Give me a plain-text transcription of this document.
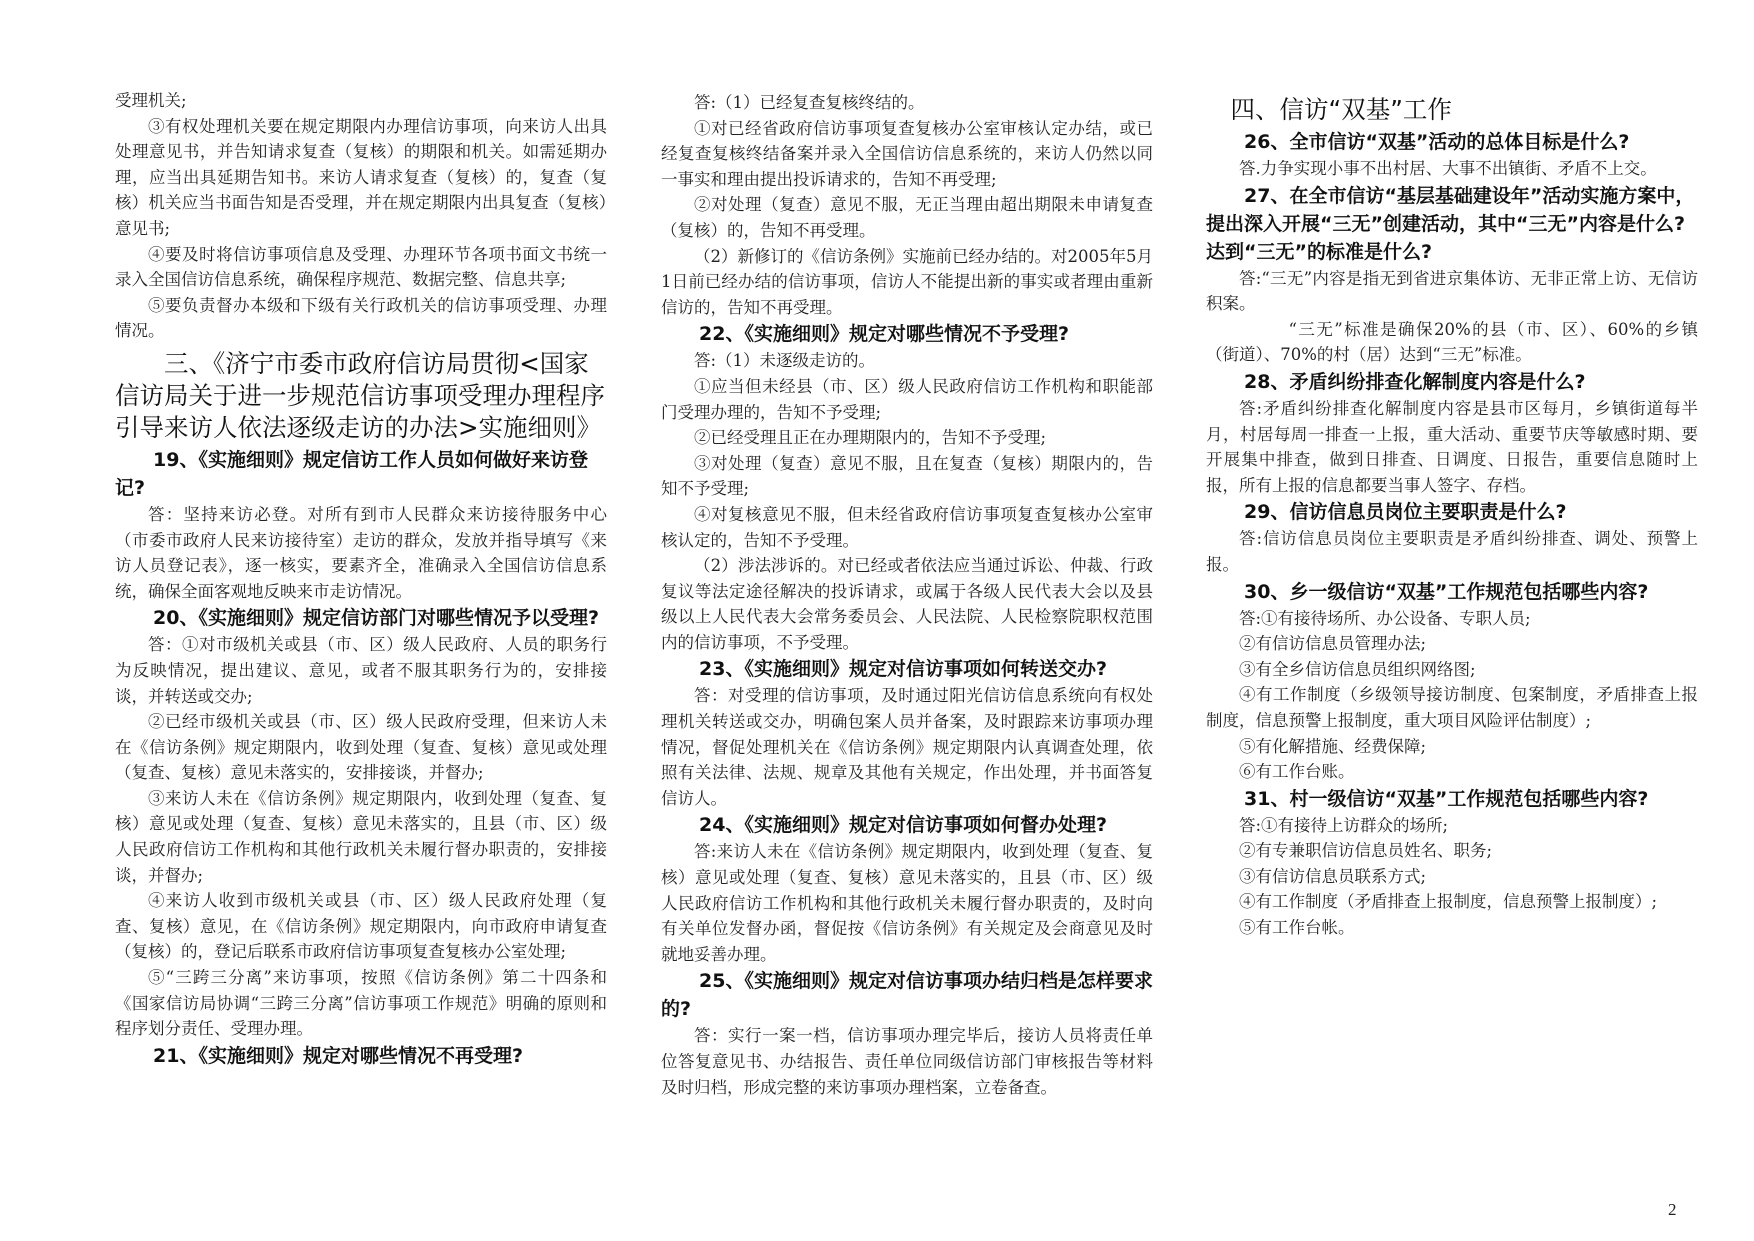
受理机关;

③有权处理机关要在规定期限内办理信访事项，向来访人出具处理意见书，并告知请求复查（复核）的期限和机关。如需延期办理，应当出具延期告知书。来访人请求复查（复核）的，复查（复核）机关应当书面告知是否受理，并在规定期限内出具复查（复核）意见书;

④要及时将信访事项信息及受理、办理环节各项书面文书统一录入全国信访信息系统，确保程序规范、数据完整、信息共享;

⑤要负责督办本级和下级有关行政机关的信访事项受理、办理情况。

三、《济宁市委市政府信访局贯彻<国家信访局关于进一步规范信访事项受理办理程序引导来访人依法逐级走访的办法>实施细则》

19、《实施细则》规定信访工作人员如何做好来访登记?

答：坚持来访必登。对所有到市人民群众来访接待服务中心（市委市政府人民来访接待室）走访的群众，发放并指导填写《来访人员登记表》，逐一核实，要素齐全，准确录入全国信访信息系统，确保全面客观地反映来市走访情况。

20、《实施细则》规定信访部门对哪些情况予以受理?

答：①对市级机关或县（市、区）级人民政府、人员的职务行为反映情况，提出建议、意见，或者不服其职务行为的，安排接谈，并转送或交办;

②已经市级机关或县（市、区）级人民政府受理，但来访人未在《信访条例》规定期限内，收到处理（复查、复核）意见或处理（复查、复核）意见未落实的，安排接谈，并督办;

③来访人未在《信访条例》规定期限内，收到处理（复查、复核）意见或处理（复查、复核）意见未落实的，且县（市、区）级人民政府信访工作机构和其他行政机关未履行督办职责的，安排接谈，并督办;

④来访人收到市级机关或县（市、区）级人民政府处理（复查、复核）意见，在《信访条例》规定期限内，向市政府申请复查（复核）的，登记后联系市政府信访事项复查复核办公室处理;

⑤“三跨三分离”来访事项，按照《信访条例》第二十四条和《国家信访局协调“三跨三分离”信访事项工作规范》明确的原则和程序划分责任、受理办理。

21、《实施细则》规定对哪些情况不再受理?

答:（1）已经复查复核终结的。

①对已经省政府信访事项复查复核办公室审核认定办结，或已经复查复核终结备案并录入全国信访信息系统的，来访人仍然以同一事实和理由提出投诉请求的，告知不再受理;

②对处理（复查）意见不服，无正当理由超出期限未申请复查（复核）的，告知不再受理。

（2）新修订的《信访条例》实施前已经办结的。对2005年5月1日前已经办结的信访事项，信访人不能提出新的事实或者理由重新信访的，告知不再受理。

22、《实施细则》规定对哪些情况不予受理?

答:（1）未逐级走访的。

①应当但未经县（市、区）级人民政府信访工作机构和职能部门受理办理的，告知不予受理;

②已经受理且正在办理期限内的，告知不予受理;

③对处理（复查）意见不服，且在复查（复核）期限内的，告知不予受理;

④对复核意见不服，但未经省政府信访事项复查复核办公室审核认定的，告知不予受理。

（2）涉法涉诉的。对已经或者依法应当通过诉讼、仲裁、行政复议等法定途径解决的投诉请求，或属于各级人民代表大会以及县级以上人民代表大会常务委员会、人民法院、人民检察院职权范围内的信访事项，不予受理。

23、《实施细则》规定对信访事项如何转送交办?

答：对受理的信访事项，及时通过阳光信访信息系统向有权处理机关转送或交办，明确包案人员并备案，及时跟踪来访事项办理情况，督促处理机关在《信访条例》规定期限内认真调查处理，依照有关法律、法规、规章及其他有关规定，作出处理，并书面答复信访人。

24、《实施细则》规定对信访事项如何督办处理?

答:来访人未在《信访条例》规定期限内，收到处理（复查、复核）意见或处理（复查、复核）意见未落实的，且县（市、区）级人民政府信访工作机构和其他行政机关未履行督办职责的，及时向有关单位发督办函，督促按《信访条例》有关规定及会商意见及时就地妥善办理。

25、《实施细则》规定对信访事项办结归档是怎样要求的?

答：实行一案一档，信访事项办理完毕后，接访人员将责任单位答复意见书、办结报告、责任单位同级信访部门审核报告等材料及时归档，形成完整的来访事项办理档案，立卷备查。

四、信访“双基”工作

26、全市信访“双基”活动的总体目标是什么?

答.力争实现小事不出村居、大事不出镇街、矛盾不上交。

27、在全市信访“基层基础建设年”活动实施方案中，提出深入开展“三无”创建活动，其中“三无”内容是什么?达到“三无”的标准是什么?

答:“三无”内容是指无到省进京集体访、无非正常上访、无信访积案。

“三无”标准是确保20%的县（市、区）、60%的乡镇（街道）、70%的村（居）达到“三无”标准。

28、矛盾纠纷排查化解制度内容是什么?

答:矛盾纠纷排查化解制度内容是县市区每月，乡镇街道每半月，村居每周一排查一上报，重大活动、重要节庆等敏感时期、要开展集中排查，做到日排查、日调度、日报告，重要信息随时上报，所有上报的信息都要当事人签字、存档。

29、信访信息员岗位主要职责是什么?

答:信访信息员岗位主要职责是矛盾纠纷排查、调处、预警上报。

30、乡一级信访“双基”工作规范包括哪些内容?

答:①有接待场所、办公设备、专职人员;

②有信访信息员管理办法;

③有全乡信访信息员组织网络图;

④有工作制度（乡级领导接访制度、包案制度，矛盾排查上报制度，信息预警上报制度，重大项目风险评估制度）;

⑤有化解措施、经费保障;

⑥有工作台账。

31、村一级信访“双基”工作规范包括哪些内容?

答:①有接待上访群众的场所;

②有专兼职信访信息员姓名、职务;

③有信访信息员联系方式;

④有工作制度（矛盾排查上报制度，信息预警上报制度）;

⑤有工作台帐。

2
